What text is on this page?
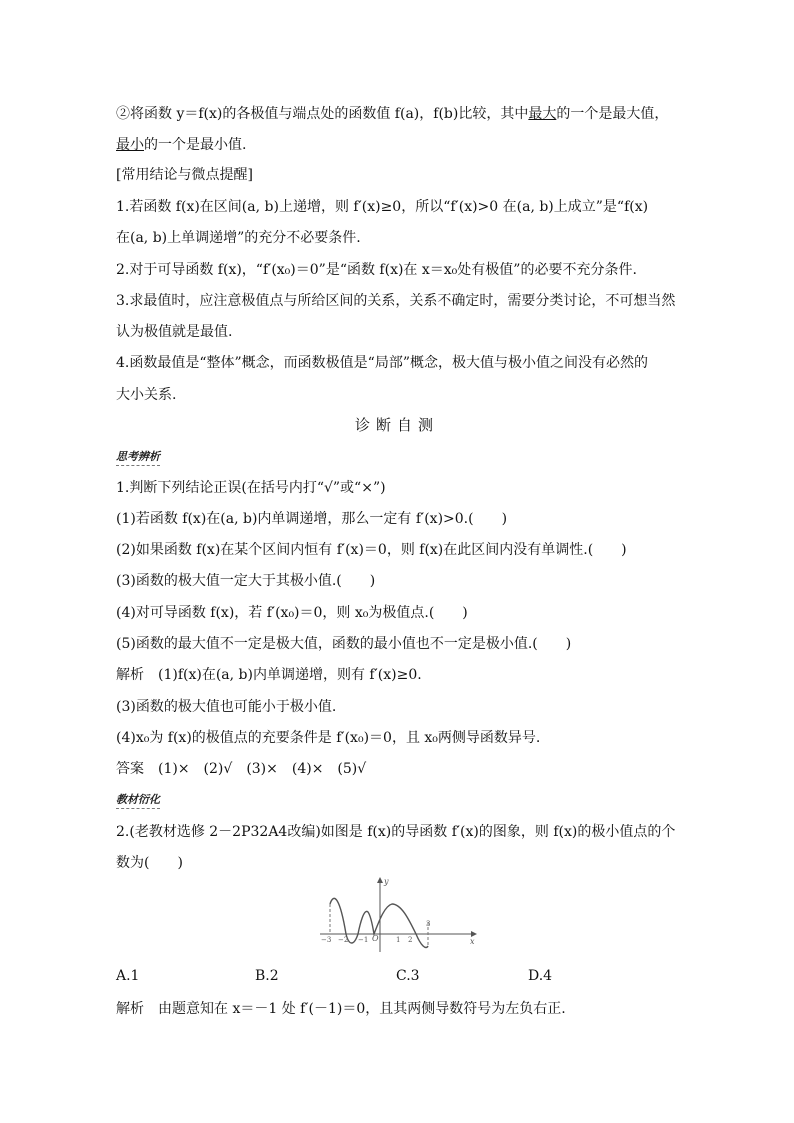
②将函数 y＝f(x)的各极值与端点处的函数值 f(a)，f(b)比较，其中最大的一个是最大值，
最小的一个是最小值.
[常用结论与微点提醒]
1.若函数 f(x)在区间(a, b)上递增，则 f′(x)≥0，所以“f′(x)>0 在(a, b)上成立”是“f(x)
在(a, b)上单调递增”的充分不必要条件.
2.对于可导函数 f(x)，“f′(x₀)＝0”是“函数 f(x)在 x＝x₀处有极值”的必要不充分条件.
3.求最值时，应注意极值点与所给区间的关系，关系不确定时，需要分类讨论，不可想当然
认为极值就是最值.
4.函数最值是“整体”概念，而函数极值是“局部”概念，极大值与极小值之间没有必然的
大小关系.
诊断自测
思考辨析
1.判断下列结论正误(在括号内打“√”或“×”)
(1)若函数 f(x)在(a, b)内单调递增，那么一定有 f′(x)>0.(　　)
(2)如果函数 f(x)在某个区间内恒有 f′(x)＝0，则 f(x)在此区间内没有单调性.(　　)
(3)函数的极大值一定大于其极小值.(　　)
(4)对可导函数 f(x)，若 f′(x₀)＝0，则 x₀为极值点.(　　)
(5)函数的最大值不一定是极大值，函数的最小值也不一定是极小值.(　　)
解析　(1)f(x)在(a, b)内单调递增，则有 f′(x)≥0.
(3)函数的极大值也可能小于极小值.
(4)x₀为 f(x)的极值点的充要条件是 f′(x₀)＝0，且 x₀两侧导函数异号.
答案　(1)×　(2)√　(3)×　(4)×　(5)√
教材衍化
2.(老教材选修 2－2P32A4改编)如图是 f(x)的导函数 f′(x)的图象，则 f(x)的极小值点的个
数为(　　)
y
x
O
−3 −2 −1	1 2
3
A.1	B.2	C.3	D.4
解析　由题意知在 x＝－1 处 f′(－1)＝0，且其两侧导数符号为左负右正.
